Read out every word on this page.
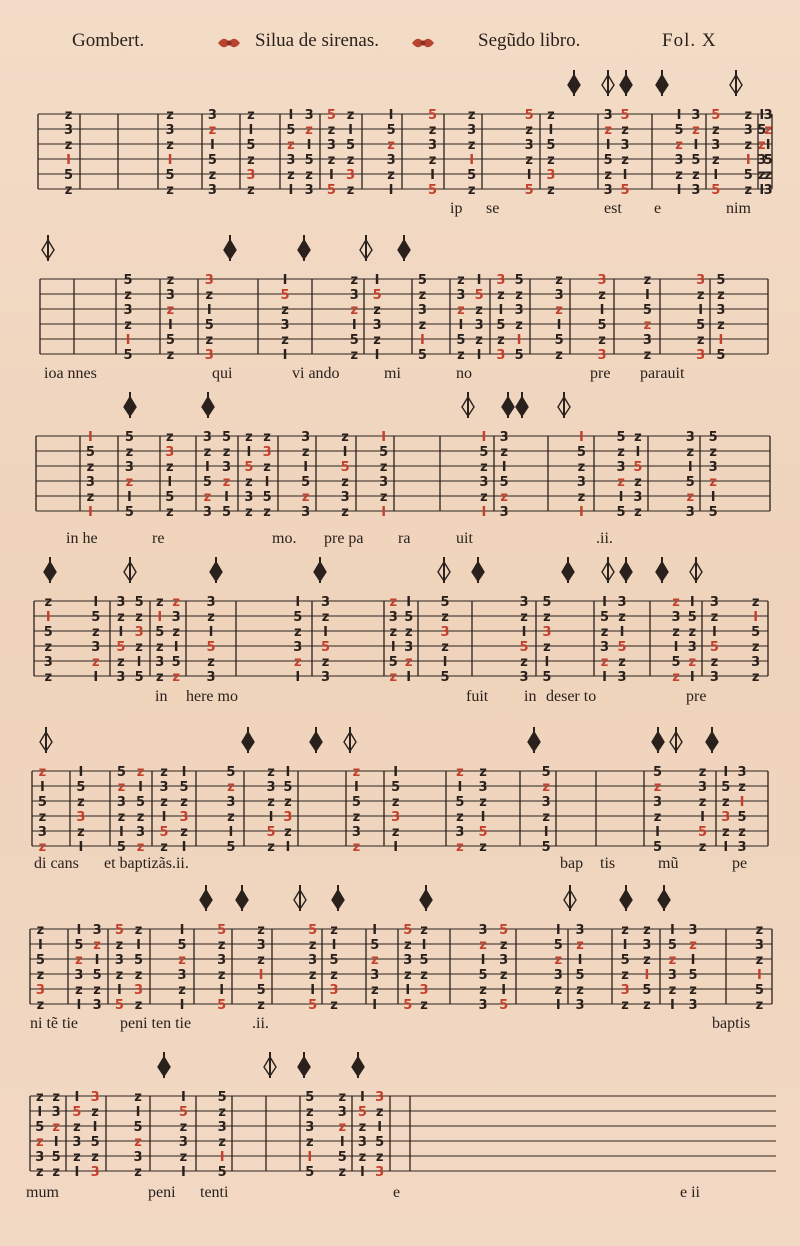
Gombert.	Silua de sirenas.	Segũdo libro.	Fol. X
z
3
z
I
5
z
z
3
z
I
5
z
3
z
I
5
z
3
z
I
5
z
3
z
I
5
z
3
z
I
3
z
I
5
z
3
5
z
3
z
I
5
z
I
5
z
3
z
I
5
z
3
z
I
5
z
3
z
I
5
z
3
z
I
5
z
5
z
3
z
I
5
z
I
5
z
3
z
3
z
I
5
z
3
5
z
3
z
I
5
I
5
z
3
z
I
3
z
I
5
z
3
5
z
3
z
I
5
z
3
z
I
5
z
I
5
z
3
z
I
3
z
I
5
z
3
ip se	est e	nim
5
z
3
z
I
5
z
3
z
I
5
z
3
z
I
5
z
3
I
5
z
3
z
I
z
3
z
I
5
z
I
5
z
3
z
I
5
z
3
z
I
5
z
3
z
I
5
z
I
5
z
3
z
I
3
z
I
5
z
3
5
z
3
z
I
5
z
3
z
I
5
z
3
z
I
5
z
3
z
I
5
z
3
z
3
z
I
5
z
3
5
z
3
z
I
5
ioa nnes	qui	vi ando	mi	no	pre parauit
I
5
z
3
z
I
5
z
3
z
I
5
z
3
z
I
5
z
3
z
I
5
z
3
5
z
3
z
I
5
z
I
5
z
3
z
z
3
z
I
5
z
3
z
I
5
z
3
z
I
5
z
3
z
I
5
z
3
z
I
I
5
z
3
z
I
3
z
I
5
z
3
I
5
z
3
z
I
5
z
3
z
I
5
z
I
5
z
3
z
3
z
I
5
z
3
5
z
3
z
I
5
in he	re	mo. pre pa ra	uit	.ii.
z
I
5
z
3
z
I
5
z
3
z
I
3
z
I
5
z
3
5
z
3
z
I
5
z
I
5
z
3
z
z
3
z
I
5
z
3
z
I
5
z
3
I
5
z
3
z
I
3
z
I
5
z
3
z
3
z
I
5
z
I
5
z
3
z
I
5
z
3
z
I
5
3
z
I
5
z
3
5
z
3
z
I
5
I
5
z
3
z
I
3
z
I
5
z
3
z
3
z
I
5
z
I
5
z
3
z
I
3
z
I
5
z
3
z
I
5
z
3
z
in here mo	fuit in deser to	pre
z
I
5
z
3
z
I
5
z
3
z
I
5
z
3
z
I
5
z
I
5
z
3
z
z
3
z
I
5
z
I
5
z
3
z
I
5
z
3
z
I
5
z
3
z
I
5
z
I
5
z
3
z
I
z
I
5
z
3
z
I
5
z
3
z
I
z
I
5
z
3
z
z
3
z
I
5
z
5
z
3
z
I
5
5
z
3
z
I
5
z
3
z
I
5
z
I
5
z
3
z
I
3
z
I
5
z
3
di cans et baptizãs.ii.	bap tis	mũ	pe
z
I
5
z
3
z
I
5
z
3
z
I
3
z
I
5
z
3
5
z
3
z
I
5
z
I
5
z
3
z
I
5
z
3
z
I
5
z
3
z
I
5
z
3
z
I
5
z
5
z
3
z
I
5
z
I
5
z
3
z
I
5
z
3
z
I
5
z
3
z
I
5
z
I
5
z
3
z
3
z
I
5
z
3
5
z
3
z
I
5
I
5
z
3
z
I
3
z
I
5
z
3
z
I
5
z
3
z
z
3
z
I
5
z
I
5
z
3
z
I
3
z
I
5
z
3
z
3
z
I
5
z
ni tẽ tie	peni ten tie	.ii.	baptis
z
I
5
z
3
z
z
3
z
I
5
z
I
5
z
3
z
I
3
z
I
5
z
3
z
I
5
z
3
z
I
5
z
3
z
I
5
z
3
z
I
5
5
z
3
z
I
5
z
3
z
I
5
z
I
5
z
3
z
I
3
z
I
5
z
3
mum	peni tenti	e	e ii
